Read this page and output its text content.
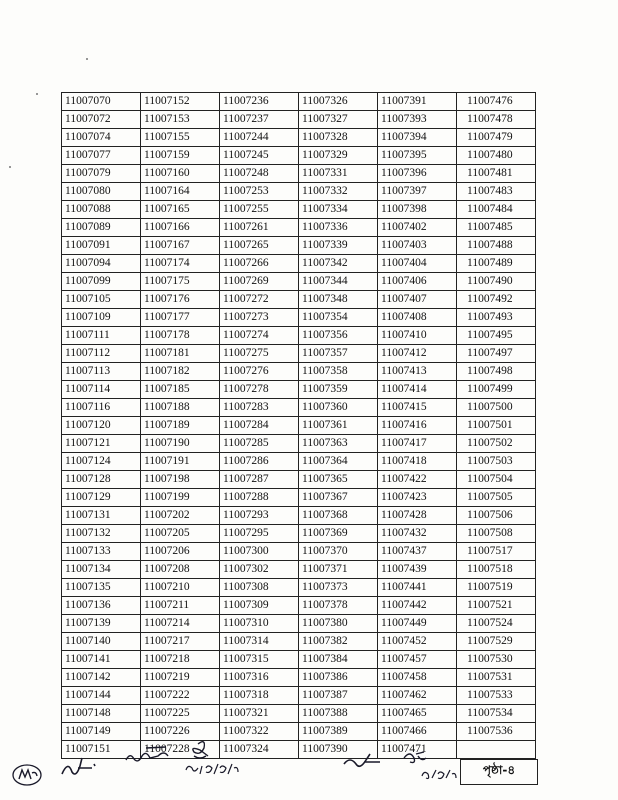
11007070	11007152	11007236	11007326	11007391	11007476
11007072	11007153	11007237	11007327	11007393	11007478
11007074	11007155	11007244	11007328	11007394	11007479
11007077	11007159	11007245	11007329	11007395	11007480
11007079	11007160	11007248	11007331	11007396	11007481
11007080	11007164	11007253	11007332	11007397	11007483
11007088	11007165	11007255	11007334	11007398	11007484
11007089	11007166	11007261	11007336	11007402	11007485
11007091	11007167	11007265	11007339	11007403	11007488
11007094	11007174	11007266	11007342	11007404	11007489
11007099	11007175	11007269	11007344	11007406	11007490
11007105	11007176	11007272	11007348	11007407	11007492
11007109	11007177	11007273	11007354	11007408	11007493
11007111	11007178	11007274	11007356	11007410	11007495
11007112	11007181	11007275	11007357	11007412	11007497
11007113	11007182	11007276	11007358	11007413	11007498
11007114	11007185	11007278	11007359	11007414	11007499
11007116	11007188	11007283	11007360	11007415	11007500
11007120	11007189	11007284	11007361	11007416	11007501
11007121	11007190	11007285	11007363	11007417	11007502
11007124	11007191	11007286	11007364	11007418	11007503
11007128	11007198	11007287	11007365	11007422	11007504
11007129	11007199	11007288	11007367	11007423	11007505
11007131	11007202	11007293	11007368	11007428	11007506
11007132	11007205	11007295	11007369	11007432	11007508
11007133	11007206	11007300	11007370	11007437	11007517
11007134	11007208	11007302	11007371	11007439	11007518
11007135	11007210	11007308	11007373	11007441	11007519
11007136	11007211	11007309	11007378	11007442	11007521
11007139	11007214	11007310	11007380	11007449	11007524
11007140	11007217	11007314	11007382	11007452	11007529
11007141	11007218	11007315	11007384	11007457	11007530
11007142	11007219	11007316	11007386	11007458	11007531
11007144	11007222	11007318	11007387	11007462	11007533
11007148	11007225	11007321	11007388	11007465	11007534
11007149	11007226	11007322	11007389	11007466	11007536
11007151	11007228	11007324	11007390	11007471	
পৃষ্ঠা-৪
